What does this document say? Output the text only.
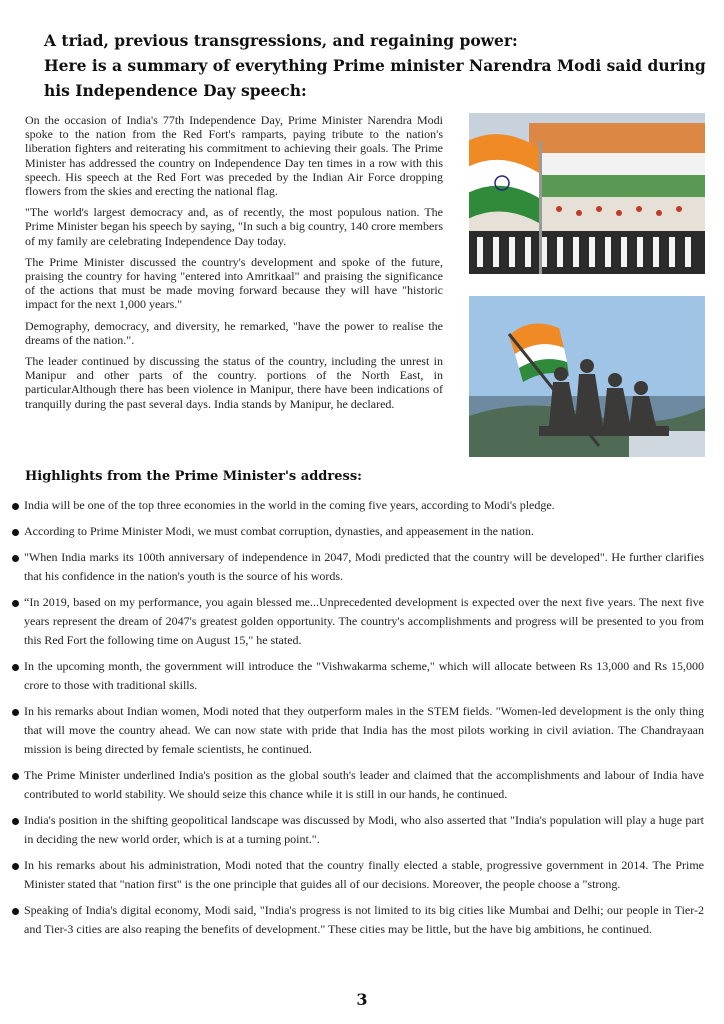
A triad, previous transgressions, and regaining power:
Here is a summary of everything Prime minister Narendra Modi said during
his Independence Day speech:

On the occasion of India's 77th Independence Day, Prime Minister Narendra Modi spoke to the nation from the Red Fort's ramparts, paying tribute to the nation's liberation fighters and reiterating his commitment to achieving their goals. The Prime Minister has addressed the country on Independence Day ten times in a row with this speech. His speech at the Red Fort was preceded by the Indian Air Force dropping flowers from the skies and erecting the national flag.

"The world's largest democracy and, as of recently, the most populous nation. The Prime Minister began his speech by saying, "In such a big country, 140 crore members of my family are celebrating Independence Day today.

The Prime Minister discussed the country's development and spoke of the future, praising the country for having "entered into Amritkaal" and praising the significance of the actions that must be made moving forward because they will have "historic impact for the next 1,000 years."

Demography, democracy, and diversity, he remarked, "have the power to realise the dreams of the nation.".

The leader continued by discussing the status of the country, including the unrest in Manipur and other parts of the country. portions of the North East, in particularAlthough there has been violence in Manipur, there have been indications of tranquilly during the past several days. India stands by Manipur, he declared.

Highlights from the Prime Minister's address:
India will be one of the top three economies in the world in the coming five years, according to Modi's pledge.
According to Prime Minister Modi, we must combat corruption, dynasties, and appeasement in the nation.
"When India marks its 100th anniversary of independence in 2047, Modi predicted that the country will be developed". He further clarifies that his confidence in the nation's youth is the source of his words.
“In 2019, based on my performance, you again blessed me...Unprecedented development is expected over the next five years. The next five years represent the dream of 2047's greatest golden opportunity. The country's accomplishments and progress will be presented to you from this Red Fort the following time on August 15," he stated.
In the upcoming month, the government will introduce the "Vishwakarma scheme," which will allocate between Rs 13,000 and Rs 15,000 crore to those with traditional skills.
In his remarks about Indian women, Modi noted that they outperform males in the STEM fields. "Women-led development is the only thing that will move the country ahead. We can now state with pride that India has the most pilots working in civil aviation. The Chandrayaan mission is being directed by female scientists, he continued.
The Prime Minister underlined India's position as the global south's leader and claimed that the accomplishments and labour of India have contributed to world stability. We should seize this chance while it is still in our hands, he continued.
India's position in the shifting geopolitical landscape was discussed by Modi, who also asserted that "India's population will play a huge part in deciding the new world order, which is at a turning point.".
In his remarks about his administration, Modi noted that the country finally elected a stable, progressive government in 2014. The Prime Minister stated that "nation first" is the one principle that guides all of our decisions. Moreover, the people choose a "strong.
Speaking of India's digital economy, Modi said, "India's progress is not limited to its big cities like Mumbai and Delhi; our people in Tier-2 and Tier-3 cities are also reaping the benefits of development." These cities may be little, but the have big ambitions, he continued.
3
